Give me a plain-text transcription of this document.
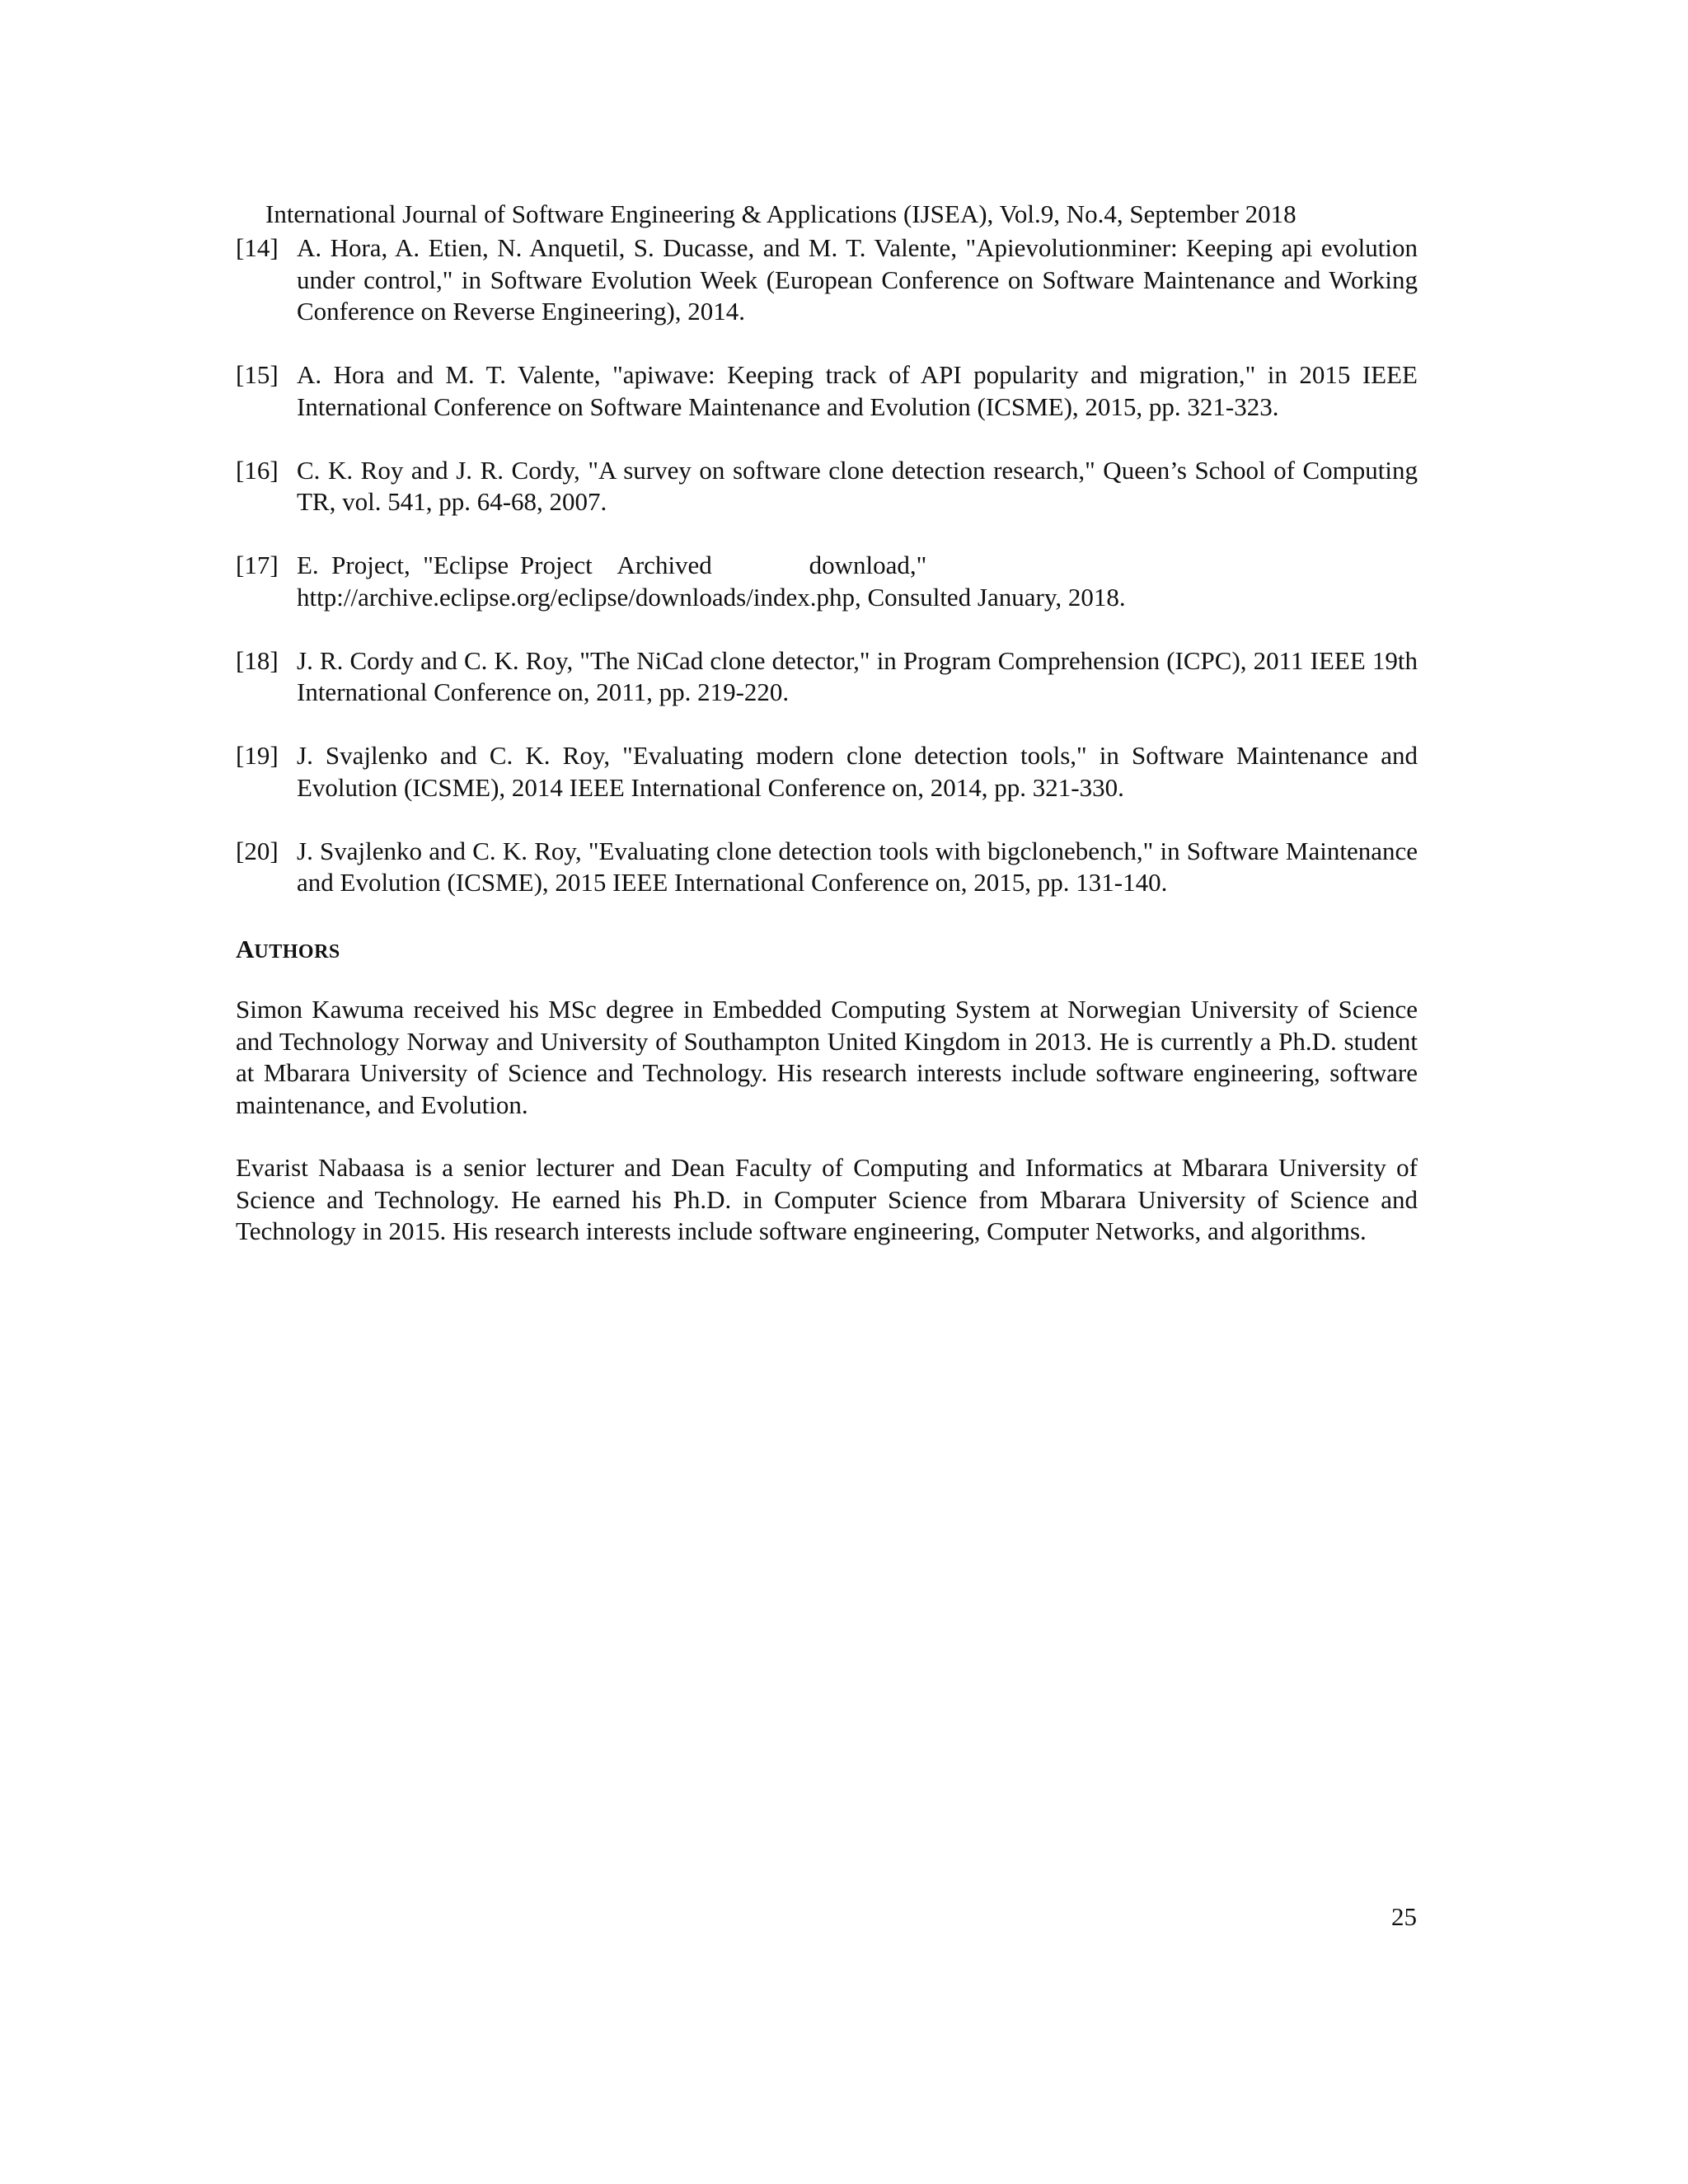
International Journal of Software Engineering & Applications (IJSEA), Vol.9, No.4, September 2018
[14] A. Hora, A. Etien, N. Anquetil, S. Ducasse, and M. T. Valente, "Apievolutionminer: Keeping api evolution under control," in Software Evolution Week (European Conference on Software Maintenance and Working Conference on Reverse Engineering), 2014.
[15] A. Hora and M. T. Valente, "apiwave: Keeping track of API popularity and migration," in 2015 IEEE International Conference on Software Maintenance and Evolution (ICSME), 2015, pp. 321-323.
[16] C. K. Roy and J. R. Cordy, "A survey on software clone detection research," Queen’s School of Computing TR, vol. 541, pp. 64-68, 2007.
[17] E.  Project,  "Eclipse Project Archived	download,"
http://archive.eclipse.org/eclipse/downloads/index.php, Consulted January, 2018.
[18] J. R. Cordy and C. K. Roy, "The NiCad clone detector," in Program Comprehension (ICPC), 2011 IEEE 19th International Conference on, 2011, pp. 219-220.
[19] J. Svajlenko and C. K. Roy, "Evaluating modern clone detection tools," in Software Maintenance and Evolution (ICSME), 2014 IEEE International Conference on, 2014, pp. 321-330.
[20] J. Svajlenko and C. K. Roy, "Evaluating clone detection tools with bigclonebench," in Software Maintenance and Evolution (ICSME), 2015 IEEE International Conference on, 2015, pp. 131-140.
AUTHORS
Simon Kawuma received his MSc degree in Embedded Computing System at Norwegian University of Science and Technology Norway and University of Southampton United Kingdom in 2013. He is currently a Ph.D. student at Mbarara University of Science and Technology. His research interests include software engineering, software maintenance, and Evolution.
Evarist Nabaasa is a senior lecturer and Dean Faculty of Computing and Informatics at Mbarara University of Science and Technology. He earned his Ph.D. in Computer Science from Mbarara University of Science and Technology in 2015. His research interests include software engineering, Computer Networks, and algorithms.
25
